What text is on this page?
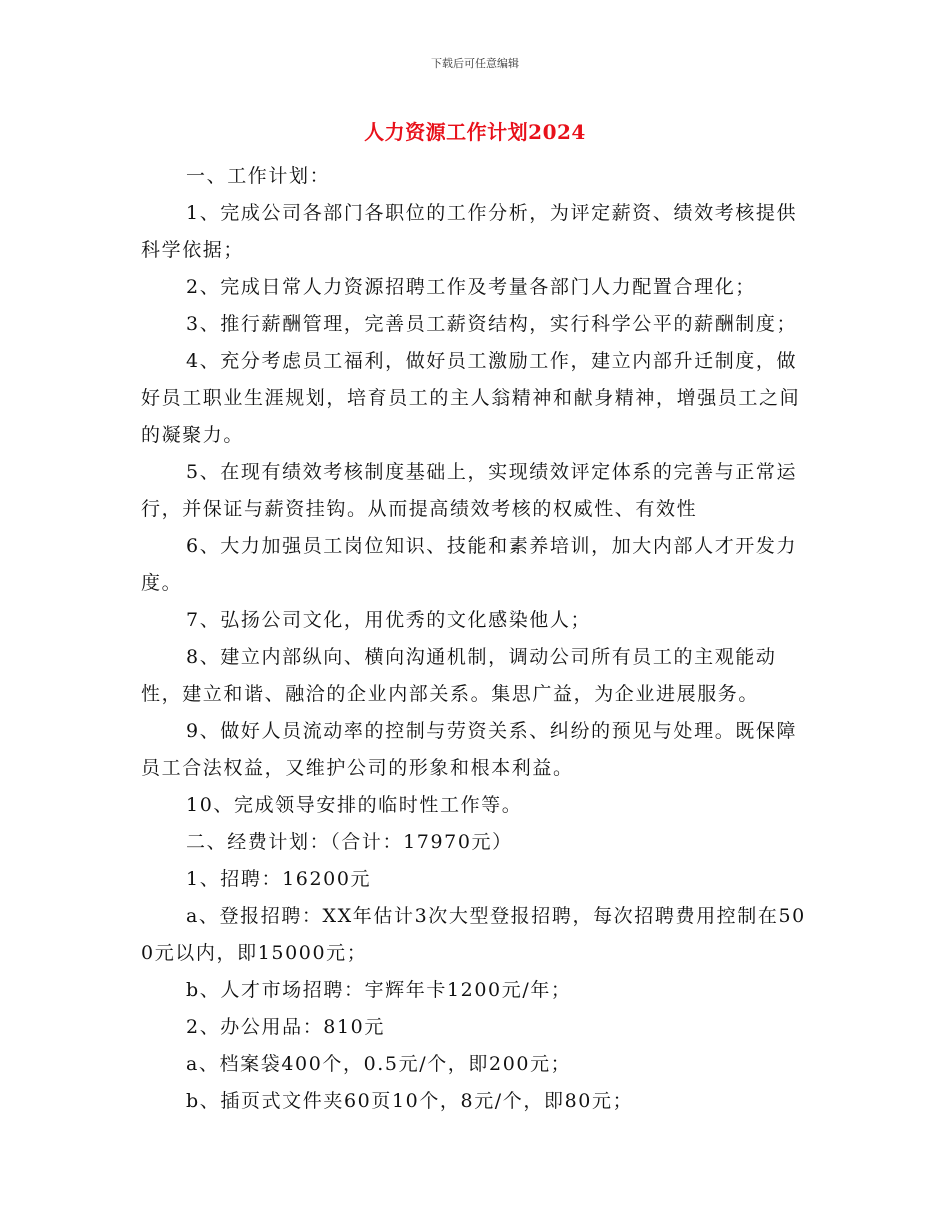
下载后可任意编辑
人力资源工作计划2024

一、工作计划：

1、完成公司各部门各职位的工作分析，为评定薪资、绩效考核提供科学依据；

2、完成日常人力资源招聘工作及考量各部门人力配置合理化；

3、推行薪酬管理，完善员工薪资结构，实行科学公平的薪酬制度；

4、充分考虑员工福利，做好员工激励工作，建立内部升迁制度，做好员工职业生涯规划，培育员工的主人翁精神和献身精神，增强员工之间的凝聚力。

5、在现有绩效考核制度基础上，实现绩效评定体系的完善与正常运行，并保证与薪资挂钩。从而提高绩效考核的权威性、有效性

6、大力加强员工岗位知识、技能和素养培训，加大内部人才开发力度。

7、弘扬公司文化，用优秀的文化感染他人；

8、建立内部纵向、横向沟通机制，调动公司所有员工的主观能动性，建立和谐、融洽的企业内部关系。集思广益，为企业进展服务。

9、做好人员流动率的控制与劳资关系、纠纷的预见与处理。既保障员工合法权益，又维护公司的形象和根本利益。

10、完成领导安排的临时性工作等。

二、经费计划：（合计：17970元）

1、招聘：16200元

a、登报招聘：XX年估计3次大型登报招聘，每次招聘费用控制在500元以内，即15000元；

b、人才市场招聘：宇辉年卡1200元/年；

2、办公用品：810元

a、档案袋400个，0.5元/个，即200元；

b、插页式文件夹60页10个，8元/个，即80元；
